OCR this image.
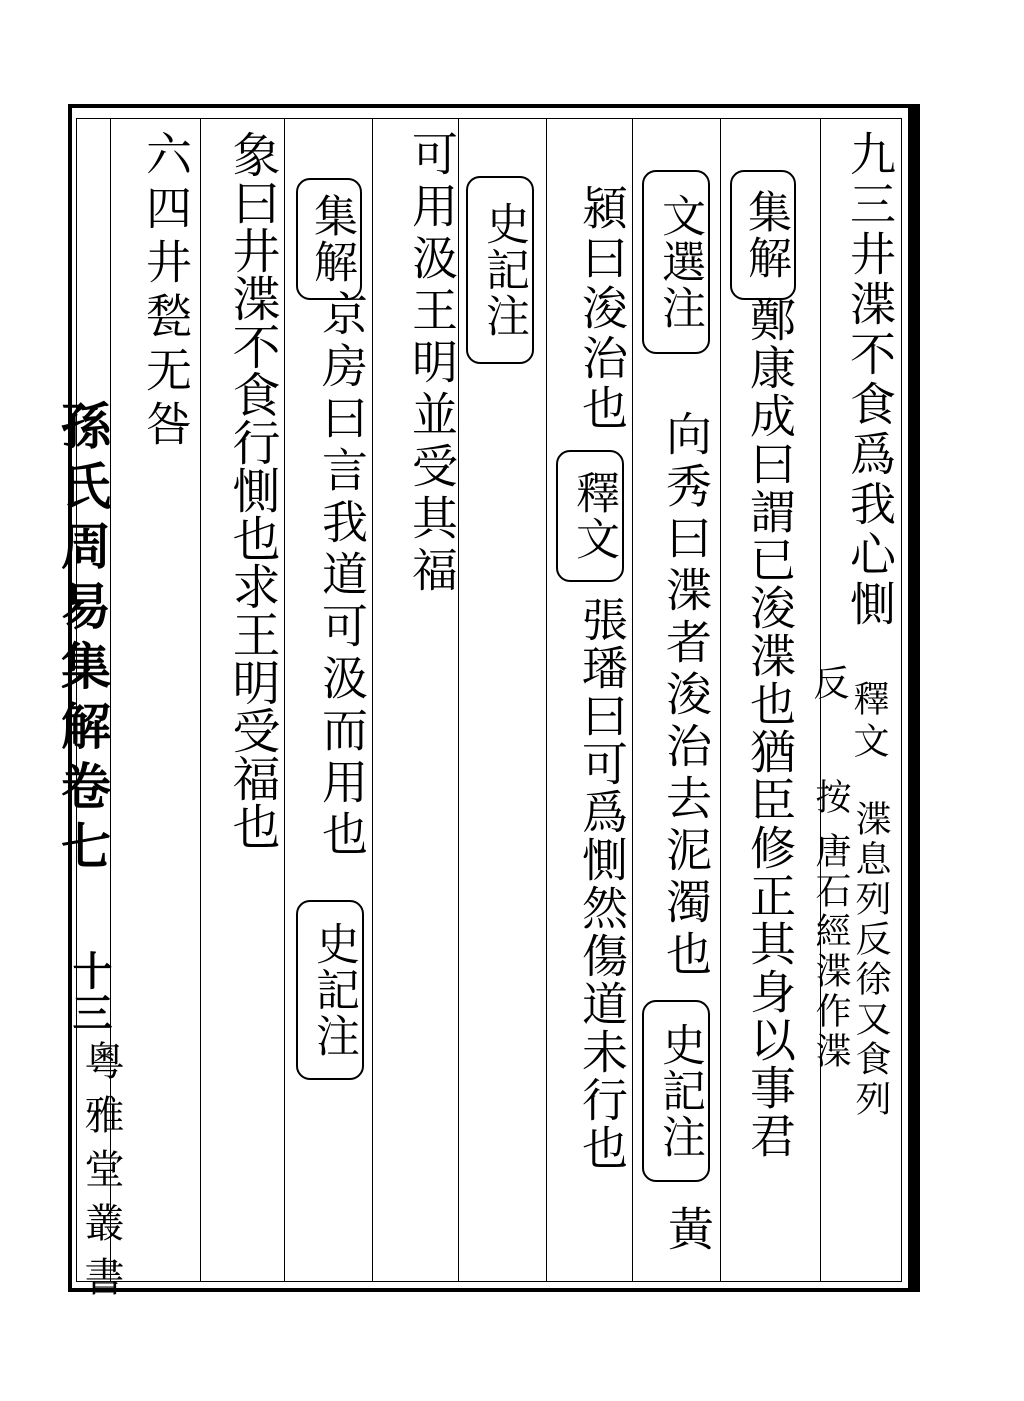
九三井渫不食爲我心惻
釋文
渫息列反徐又食列
反
集解
鄭康成曰謂已浚渫也猶臣修正其身以事君 按
唐石經渫作渫
文選注
向秀曰渫者浚治去泥濁也
史記注
黃
潁曰浚治也
釋文
張璠曰可爲惻然傷道未行也
史記注
可用汲王明並受其福
集解
京房曰言我道可汲而用也
史記注
象曰井渫不食行惻也求王明受福也
六四井甃无咎
孫氏周易集解卷七
十三
粵雅堂叢書
